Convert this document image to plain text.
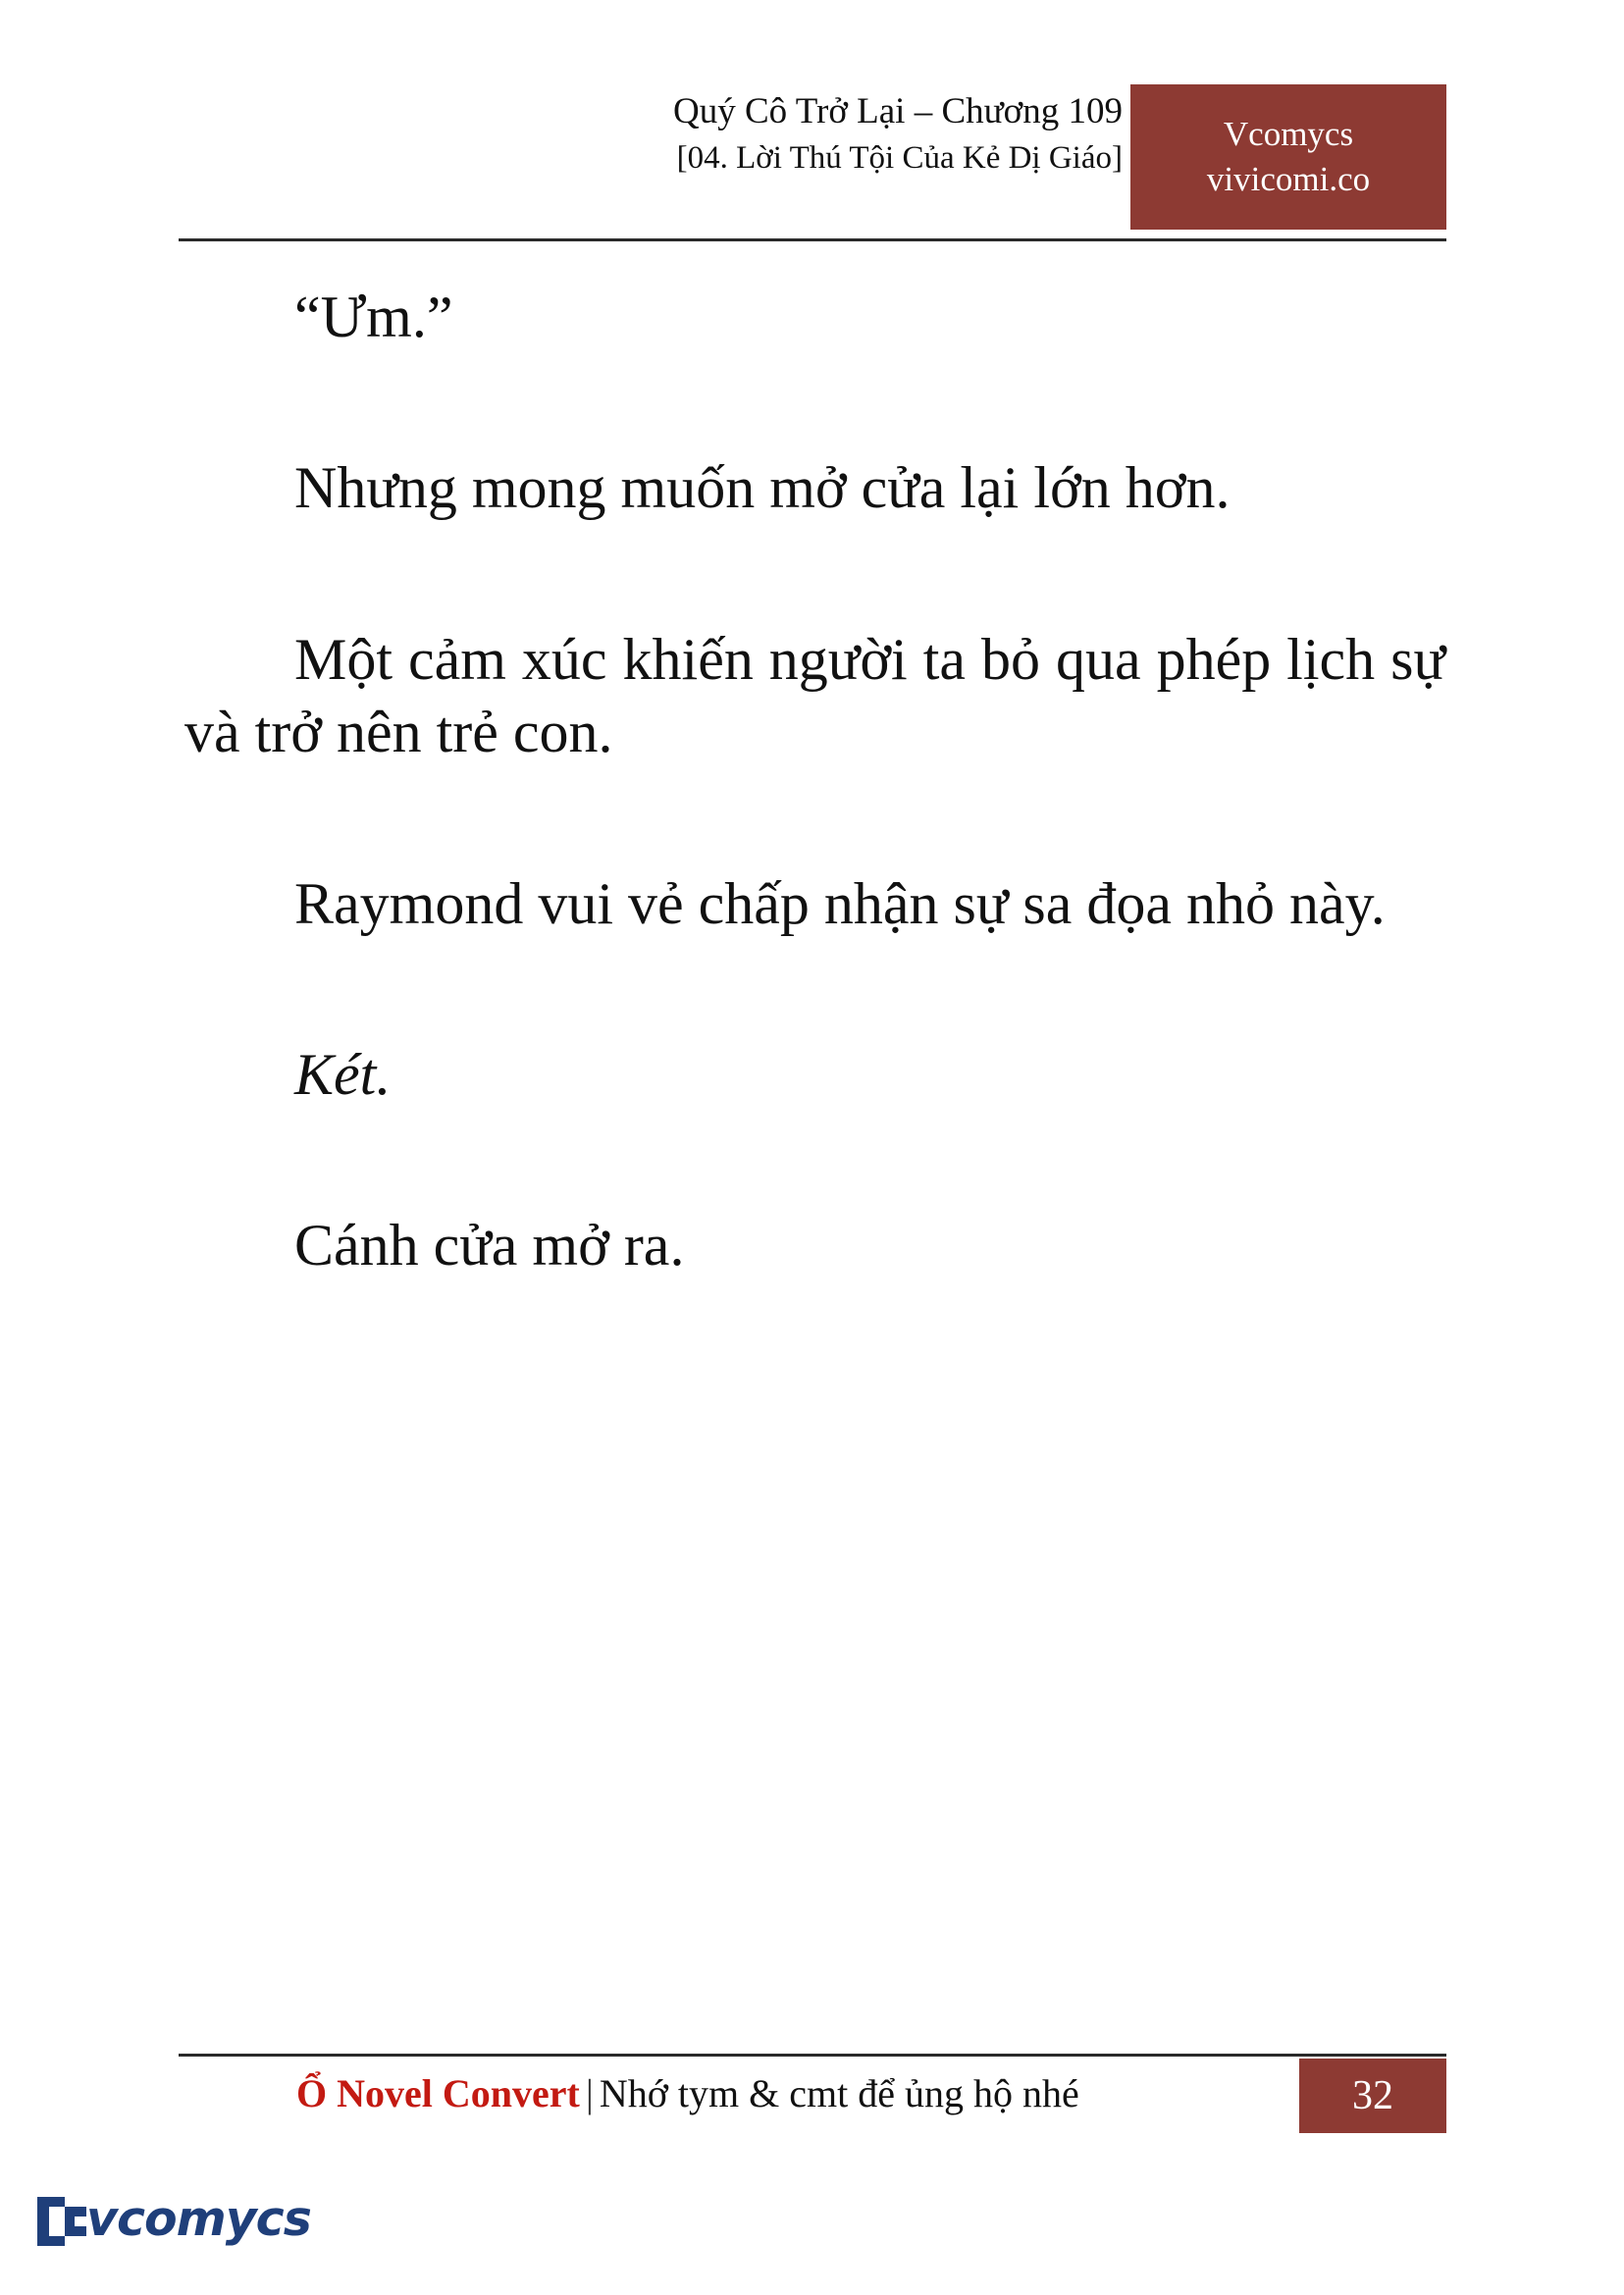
Quý Cô Trở Lại – Chương 109
[04. Lời Thú Tội Của Kẻ Dị Giáo]
Vcomycs
vivicomi.co

“Ưm.”

Nhưng mong muốn mở cửa lại lớn hơn.

Một cảm xúc khiến người ta bỏ qua phép lịch sự và trở nên trẻ con.

Raymond vui vẻ chấp nhận sự sa đọa nhỏ này.

Két.

Cánh cửa mở ra.

Ổ Novel Convert | Nhớ tym & cmt để ủng hộ nhé	32
vcomycs
